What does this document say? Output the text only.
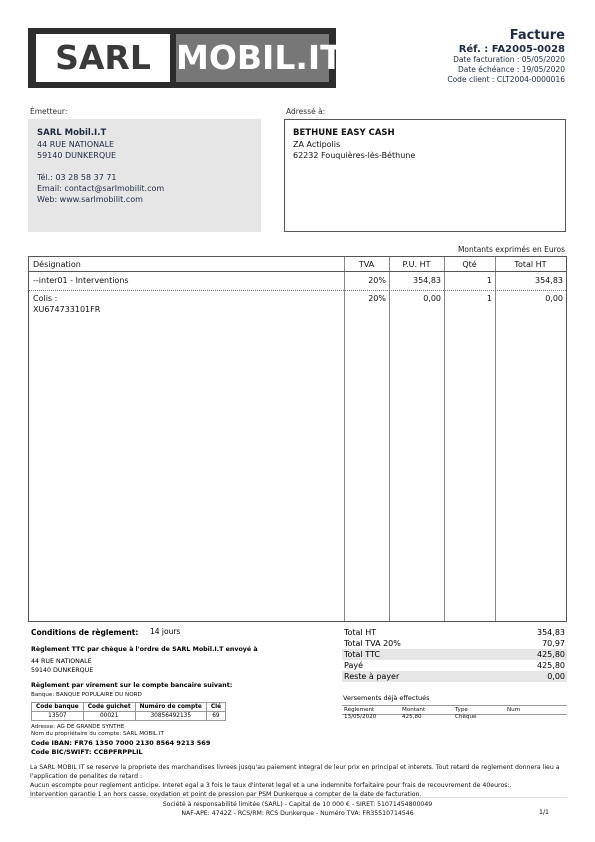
SARL MOBIL.IT
Facture
Réf. : FA2005-0028
Date facturation : 05/05/2020
Date échéance : 19/05/2020
Code client : CLT2004-0000016
Émetteur:
SARL Mobil.I.T
44 RUE NATIONALE
59140 DUNKERQUE
Tél.: 03 28 58 37 71
Email: contact@sarlmobilit.com
Web: www.sarlmobilit.com
Adressé à:
BETHUNE EASY CASH
ZA Actipolis
62232 Fouquières-lès-Béthune
Montants exprimés en Euros
Désignation	TVA	P.U. HT	Qté	Total HT
--inter01 - Interventions	20%	354,83	1	354,83
Colis :
XU674733101FR
20%	0,00	1	0,00
Conditions de règlement: 14 jours
Règlement TTC par chèque à l'ordre de SARL Mobil.I.T envoyé à
44 RUE NATIONALE
59140 DUNKERQUE
Règlement par virement sur le compte bancaire suivant:
Banque: BANQUE POPULAIRE DU NORD
Code banque	Code guichet	Numéro de compte	Clé
13507	00021	30856492135	69
Adresse: AG DE GRANDE SYNTHE
Nom du propriétaire du compte: SARL MOBIL.IT
Code IBAN: FR76 1350 7000 2130 8564 9213 569
Code BIC/SWIFT: CCBPFRPPLIL
Total HT	354,83
Total TVA 20%	70,97
Total TTC	425,80
Payé	425,80
Reste à payer	0,00
Versements déjà effectués
Règlement	Montant	Type	Num
13/05/2020	425,80	Chèque
La SARL MOBIL IT se reserve la propriete des marchandises livrees jusqu'au paiement integral de leur prix en principal et interets. Tout retard de reglement donnera lieu a
l'application de penalites de retard :
Aucun escompte pour reglement anticipe. Interet egal a 3 fois le taux d'interet legal et a une indemnite forfaitaire pour frais de recouvrement de 40euros:.
Intervention garantie 1 an hors casse, oxydation et point de pression par PSM Dunkerque a compter de la date de facturation.
Société à responsabilité limitée (SARL) - Capital de 10 000 € - SIRET: 51071454800049
NAF-APE: 4742Z - RCS/RM: RCS Dunkerque - Numéro TVA: FR35510714546	1/1
